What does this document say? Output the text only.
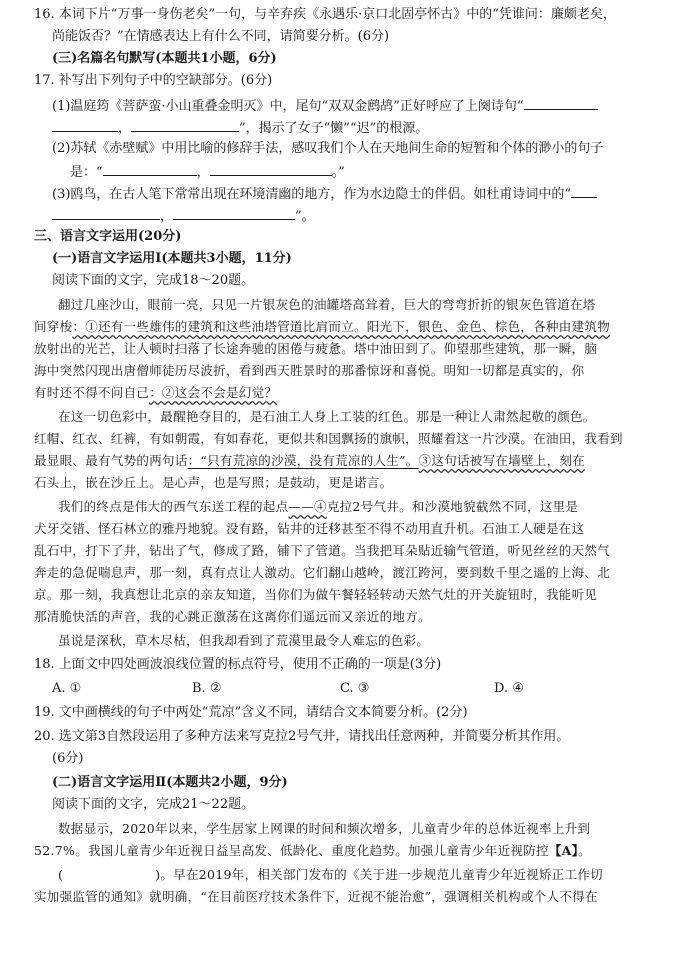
16. 本词下片“万事一身伤老矣”一句，与辛弃疾《永遇乐·京口北固亭怀古》中的“凭谁问：廉颇老矣，
尚能饭否？”在情感表达上有什么不同，请简要分析。(6分)
(三)名篇名句默写(本题共1小题，6分)
17. 补写出下列句子中的空缺部分。(6分)
(1)温庭筠《菩萨蛮·小山重叠金明灭》中，尾句“双双金鹧鸪”正好呼应了上阕诗句“
，	”，揭示了女子“懒”“迟”的根源。
(2)苏轼《赤壁赋》中用比喻的修辞手法，感叹我们个人在天地间生命的短暂和个体的渺小的句子
是：“	，	。”
(3)鸥鸟，在古人笔下常常出现在环境清幽的地方，作为水边隐士的伴侣。如杜甫诗词中的“
，	”。
三、语言文字运用(20分)
(一)语言文字运用Ⅰ(本题共3小题，11分)
阅读下面的文字，完成18～20题。
翻过几座沙山，眼前一亮，只见一片银灰色的油罐塔高耸着，巨大的弯弯折折的银灰色管道在塔
间穿梭：①还有一些雄伟的建筑和这些油塔管道比肩而立。阳光下，银色、金色、棕色，各种由建筑物
放射出的光芒，让人顿时扫落了长途奔驰的困倦与疲惫。塔中油田到了。仰望那些建筑，那一瞬，脑
海中突然闪现出唐僧师徒历尽波折，看到西天胜景时的那番惊讶和喜悦。明知一切都是真实的，你
有时还不得不问自己：②这会不会是幻觉？
在这一切色彩中，最醒艳夺目的，是石油工人身上工装的红色。那是一种让人肃然起敬的颜色。
红帽、红衣、红裤，有如朝霞，有如春花，更似共和国飘扬的旗帜，照耀着这一片沙漠。在油田，我看到
最显眼、最有气势的两句话：“只有荒凉的沙漠，没有荒凉的人生”。③这句话被写在墙壁上，刻在
石头上，嵌在沙丘上。是心声，也是写照；是鼓动，更是诺言。
我们的终点是伟大的西气东送工程的起点——④克拉2号气井。和沙漠地貌截然不同，这里是
犬牙交错、怪石林立的雅丹地貌。没有路，钻井的迁移甚至不得不动用直升机。石油工人硬是在这
乱石中，打下了井，钻出了气，修成了路，铺下了管道。当我把耳朵贴近输气管道，听见丝丝的天然气
奔走的急促喘息声，那一刻，真有点让人激动。它们翻山越岭，渡江跨河，要到数千里之遥的上海、北
京。那一刻，我真想让北京的亲友知道，当你们为做午餐轻轻转动天然气灶的开关旋钮时，我能听见
那清脆快活的声音，我的心跳正激荡在这离你们遥远而又亲近的地方。
虽说是深秋，草木尽枯，但我却看到了荒漠里最令人难忘的色彩。
18. 上面文中四处画波浪线位置的标点符号，使用不正确的一项是(3分)
A. ①	B. ②	C. ③	D. ④
19. 文中画横线的句子中两处“荒凉”含义不同，请结合文本简要分析。(2分)
20. 选文第3自然段运用了多种方法来写克拉2号气井，请找出任意两种，并简要分析其作用。
(6分)
(二)语言文字运用Ⅱ(本题共2小题，9分)
阅读下面的文字，完成21～22题。
数据显示，2020年以来，学生居家上网课的时间和频次增多，儿童青少年的总体近视率上升到
52.7%。我国儿童青少年近视日益呈高发、低龄化、重度化趋势。加强儿童青少年近视防控【A】。
(	)。早在2019年，相关部门发布的《关于进一步规范儿童青少年近视矫正工作切
实加强监管的通知》就明确，“在目前医疗技术条件下，近视不能治愈”，强调相关机构或个人不得在
